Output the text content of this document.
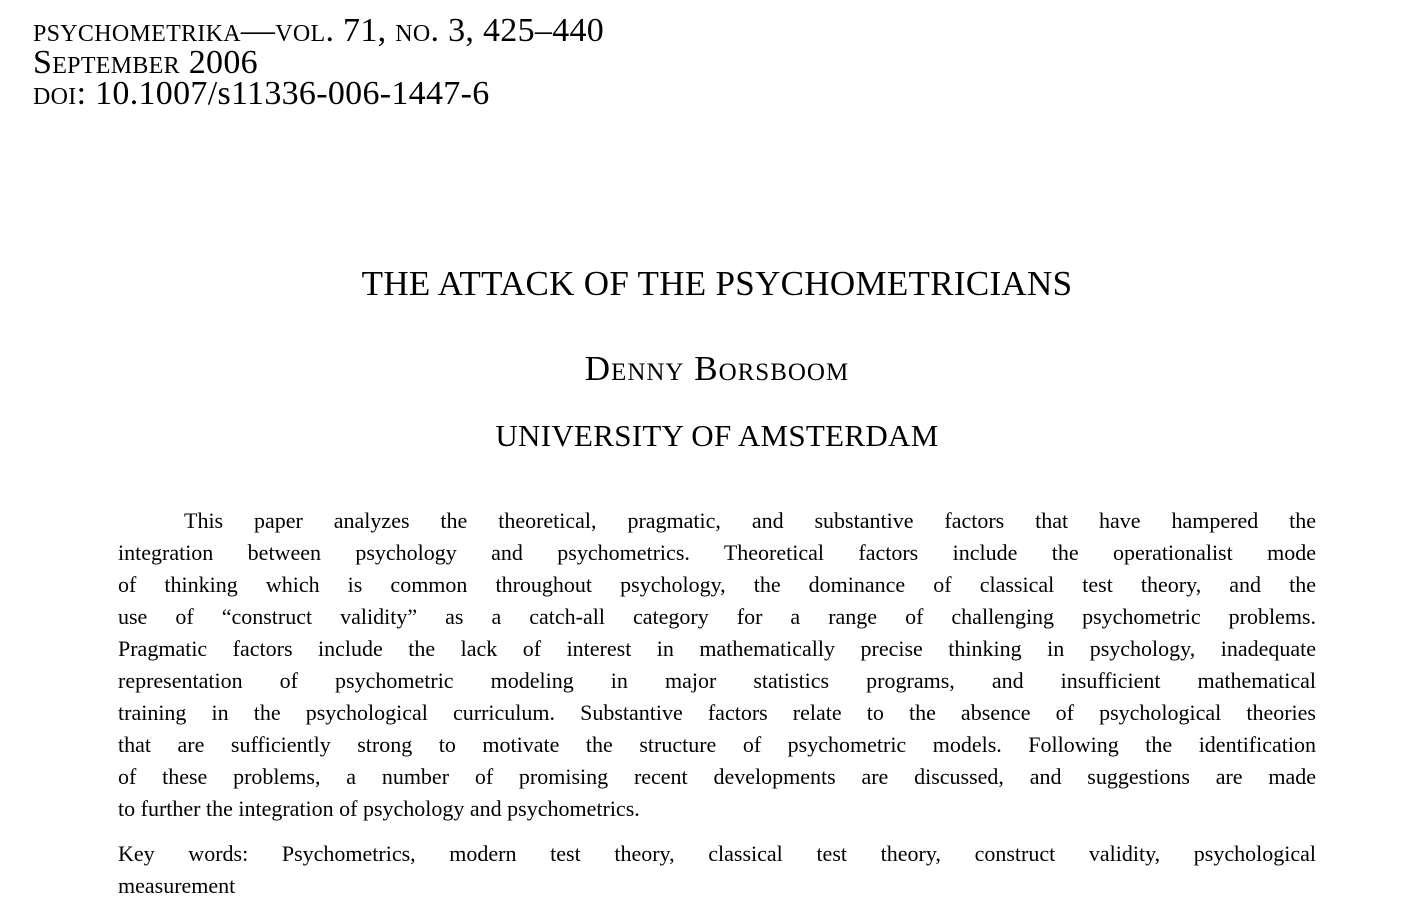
psychometrika—vol. 71, no. 3, 425–440
September 2006
doi: 10.1007/s11336-006-1447-6
THE ATTACK OF THE PSYCHOMETRICIANS
Denny Borsboom
UNIVERSITY OF AMSTERDAM
This paper analyzes the theoretical, pragmatic, and substantive factors that have hampered the
integration between psychology and psychometrics. Theoretical factors include the operationalist mode
of thinking which is common throughout psychology, the dominance of classical test theory, and the
use of “construct validity” as a catch-all category for a range of challenging psychometric problems.
Pragmatic factors include the lack of interest in mathematically precise thinking in psychology, inadequate
representation of psychometric modeling in major statistics programs, and insufficient mathematical
training in the psychological curriculum. Substantive factors relate to the absence of psychological theories
that are sufficiently strong to motivate the structure of psychometric models. Following the identification
of these problems, a number of promising recent developments are discussed, and suggestions are made
to further the integration of psychology and psychometrics.
Key words: Psychometrics, modern test theory, classical test theory, construct validity, psychological
measurement
